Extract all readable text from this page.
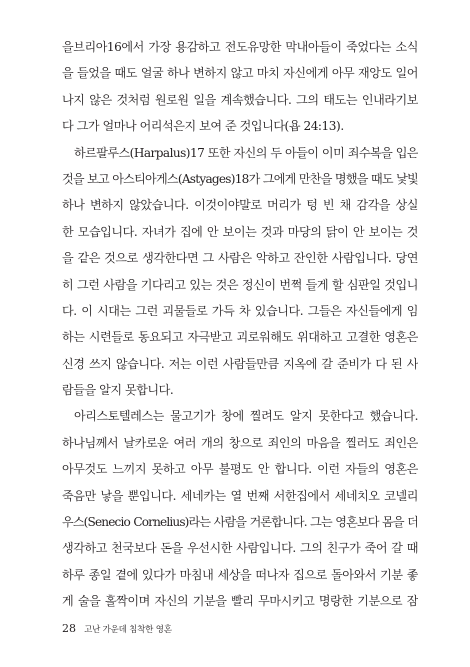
을브리아16에서 가장 용감하고 전도유망한 막내아들이 죽었다는 소식
을 들었을 때도 얼굴 하나 변하지 않고 마치 자신에게 아무 재앙도 일어
나지 않은 것처럼 원로원 일을 계속했습니다. 그의 태도는 인내라기보
다 그가 얼마나 어리석은지 보여 준 것입니다(욥 24:13).
하르팔루스(Harpalus)17 또한 자신의 두 아들이 이미 죄수복을 입은
것을 보고 아스티아게스(Astyages)18가 그에게 만찬을 명했을 때도 낯빛
하나 변하지 않았습니다. 이것이야말로 머리가 텅 빈 채 감각을 상실
한 모습입니다. 자녀가 집에 안 보이는 것과 마당의 닭이 안 보이는 것
을 같은 것으로 생각한다면 그 사람은 악하고 잔인한 사람입니다. 당연
히 그런 사람을 기다리고 있는 것은 정신이 번쩍 들게 할 심판일 것입니
다. 이 시대는 그런 괴물들로 가득 차 있습니다. 그들은 자신들에게 임
하는 시련들로 동요되고 자극받고 괴로워해도 위대하고 고결한 영혼은
신경 쓰지 않습니다. 저는 이런 사람들만큼 지옥에 갈 준비가 다 된 사
람들을 알지 못합니다.
아리스토텔레스는 물고기가 창에 찔려도 알지 못한다고 했습니다.
하나님께서 날카로운 여러 개의 창으로 죄인의 마음을 찔러도 죄인은
아무것도 느끼지 못하고 아무 불평도 안 합니다. 이런 자들의 영혼은
죽음만 낳을 뿐입니다. 세네카는 열 번째 서한집에서 세네치오 코넬리
우스(Senecio Cornelius)라는 사람을 거론합니다. 그는 영혼보다 몸을 더
생각하고 천국보다 돈을 우선시한 사람입니다. 그의 친구가 죽어 갈 때
하루 종일 곁에 있다가 마침내 세상을 떠나자 집으로 돌아와서 기분 좋
게 술을 홀짝이며 자신의 기분을 빨리 무마시키고 명랑한 기분으로 잠
28 고난 가운데 침착한 영혼
